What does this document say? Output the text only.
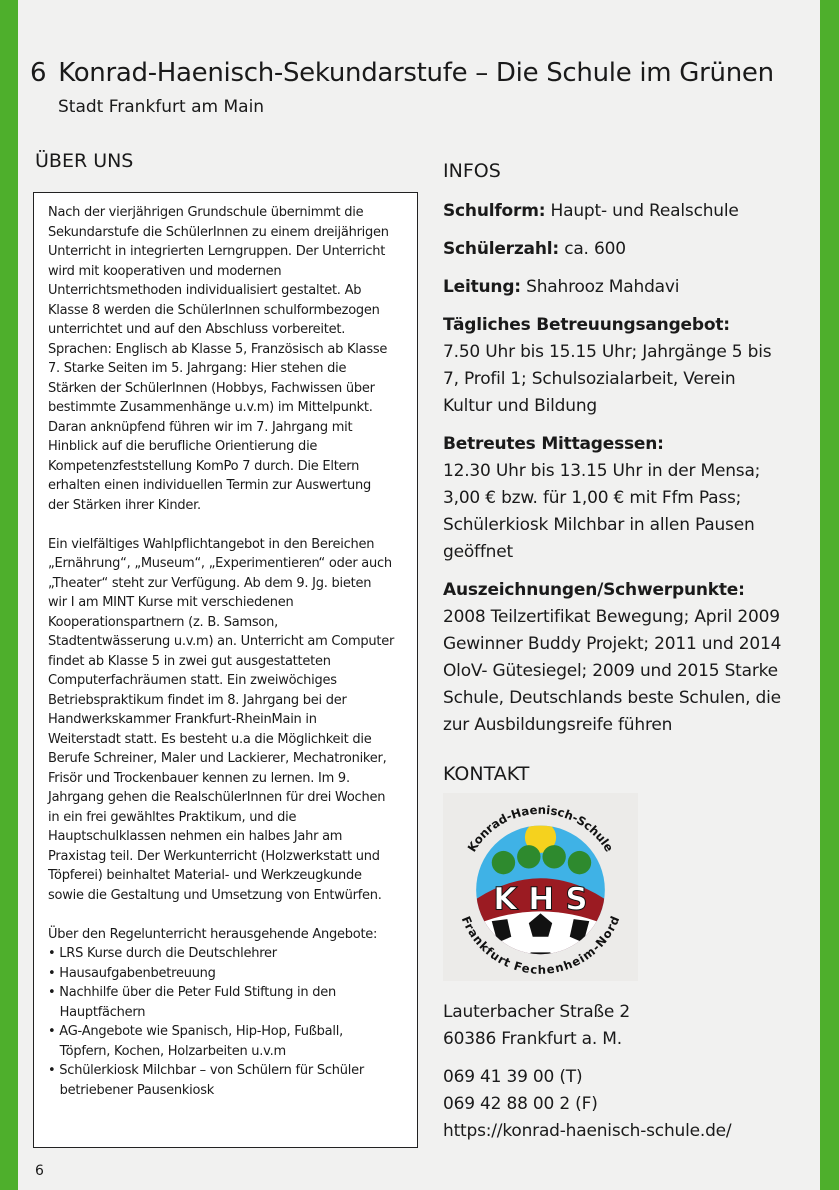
6 Konrad-Haenisch-Sekundarstufe – Die Schule im Grünen
Stadt Frankfurt am Main
ÜBER UNS
Nach der vierjährigen Grundschule übernimmt die
Sekundarstufe die SchülerInnen zu einem dreijährigen
Unterricht in integrierten Lerngruppen. Der Unterricht
wird mit kooperativen und modernen
Unterrichtsmethoden individualisiert gestaltet. Ab
Klasse 8 werden die SchülerInnen schulformbezogen
unterrichtet und auf den Abschluss vorbereitet.
Sprachen: Englisch ab Klasse 5, Französisch ab Klasse
7. Starke Seiten im 5. Jahrgang: Hier stehen die
Stärken der SchülerInnen (Hobbys, Fachwissen über
bestimmte Zusammenhänge u.v.m) im Mittelpunkt.
Daran anknüpfend führen wir im 7. Jahrgang mit
Hinblick auf die berufliche Orientierung die
Kompetenzfeststellung KomPo 7 durch. Die Eltern
erhalten einen individuellen Termin zur Auswertung
der Stärken ihrer Kinder.
Ein vielfältiges Wahlpflichtangebot in den Bereichen
„Ernährung“, „Museum“, „Experimentieren“ oder auch
„Theater“ steht zur Verfügung. Ab dem 9. Jg. bieten
wir I am MINT Kurse mit verschiedenen
Kooperationspartnern (z. B. Samson,
Stadtentwässerung u.v.m) an. Unterricht am Computer
findet ab Klasse 5 in zwei gut ausgestatteten
Computerfachräumen statt. Ein zweiwöchiges
Betriebspraktikum findet im 8. Jahrgang bei der
Handwerkskammer Frankfurt-RheinMain in
Weiterstadt statt. Es besteht u.a die Möglichkeit die
Berufe Schreiner, Maler und Lackierer, Mechatroniker,
Frisör und Trockenbauer kennen zu lernen. Im 9.
Jahrgang gehen die RealschülerInnen für drei Wochen
in ein frei gewähltes Praktikum, und die
Hauptschulklassen nehmen ein halbes Jahr am
Praxistag teil. Der Werkunterricht (Holzwerkstatt und
Töpferei) beinhaltet Material- und Werkzeugkunde
sowie die Gestaltung und Umsetzung von Entwürfen.
Über den Regelunterricht herausgehende Angebote:
• LRS Kurse durch die Deutschlehrer
• Hausaufgabenbetreuung
• Nachhilfe über die Peter Fuld Stiftung in den
Hauptfächern
• AG-Angebote wie Spanisch, Hip-Hop, Fußball,
Töpfern, Kochen, Holzarbeiten u.v.m
• Schülerkiosk Milchbar – von Schülern für Schüler
betriebener Pausenkiosk
INFOS
Schulform: Haupt- und Realschule
Schülerzahl: ca. 600
Leitung: Shahrooz Mahdavi
Tägliches Betreuungsangebot:
7.50 Uhr bis 15.15 Uhr; Jahrgänge 5 bis
7, Profil 1; Schulsozialarbeit, Verein
Kultur und Bildung
Betreutes Mittagessen:
12.30 Uhr bis 13.15 Uhr in der Mensa;
3,00 € bzw. für 1,00 € mit Ffm Pass;
Schülerkiosk Milchbar in allen Pausen
geöffnet
Auszeichnungen/Schwerpunkte:
2008 Teilzertifikat Bewegung; April 2009
Gewinner Buddy Projekt; 2011 und 2014
OloV- Gütesiegel; 2009 und 2015 Starke
Schule, Deutschlands beste Schulen, die
zur Ausbildungsreife führen
KONTAKT
K H S
Konrad-Haenisch-Schule
Frankfurt Fechenheim-Nord
Lauterbacher Straße 2
60386 Frankfurt a. M.
069 41 39 00 (T)
069 42 88 00 2 (F)
https://konrad-haenisch-schule.de/
6
